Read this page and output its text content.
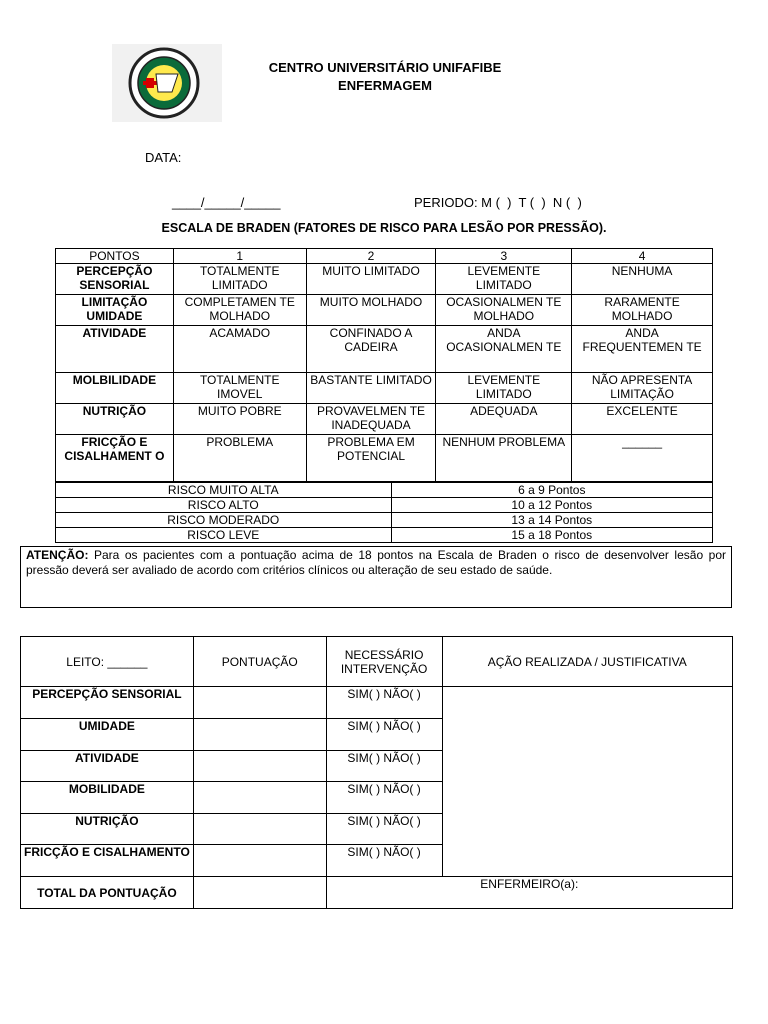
CENTRO UNIVERSITÁRIO UNIFAFIBE
ENFERMAGEM
DATA:
____/_____/_____	PERIODO: M (  )  T (  )  N (  )
ESCALA DE BRADEN (FATORES DE RISCO PARA LESÃO POR PRESSÃO).
PONTOS	1	2	3	4
PERCEPÇÃO SENSORIAL	TOTALMENTE LIMITADO	MUITO LIMITADO	LEVEMENTE LIMITADO	NENHUMA
LIMITAÇÃO UMIDADE	COMPLETAMEN TE MOLHADO	MUITO MOLHADO	OCASIONALMEN TE MOLHADO	RARAMENTE MOLHADO
ATIVIDADE	ACAMADO	CONFINADO A CADEIRA	ANDA OCASIONALMEN TE	ANDA FREQUENTEMEN TE
MOLBILIDADE	TOTALMENTE IMOVEL	BASTANTE LIMITADO	LEVEMENTE LIMITADO	NÃO APRESENTA LIMITAÇÃO
NUTRIÇÃO	MUITO POBRE	PROVAVELMEN TE INADEQUADA	ADEQUADA	EXCELENTE
FRICÇÃO E CISALHAMENT O	PROBLEMA	PROBLEMA EM POTENCIAL	NENHUM PROBLEMA	______
RISCO MUITO ALTA	6 a 9 Pontos
RISCO ALTO	10 a 12 Pontos
RISCO MODERADO	13 a 14 Pontos
RISCO LEVE	15 a 18 Pontos
ATENÇÃO: Para os pacientes com a pontuação acima de 18 pontos na Escala de Braden o risco de desenvolver lesão por pressão deverá ser avaliado de acordo com critérios clínicos ou alteração de seu estado de saúde.
LEITO: ______	PONTUAÇÃO	NECESSÁRIO INTERVENÇÃO	AÇÃO REALIZADA / JUSTIFICATIVA
PERCEPÇÃO SENSORIAL		SIM( ) NÃO( )	
UMIDADE		SIM( ) NÃO( )	
ATIVIDADE		SIM( ) NÃO( )	
MOBILIDADE		SIM( ) NÃO( )	
NUTRIÇÃO		SIM( ) NÃO( )	
FRICÇÃO E CISALHAMENTO		SIM( ) NÃO( )	
TOTAL DA PONTUAÇÃO		ENFERMEIRO(a):	
